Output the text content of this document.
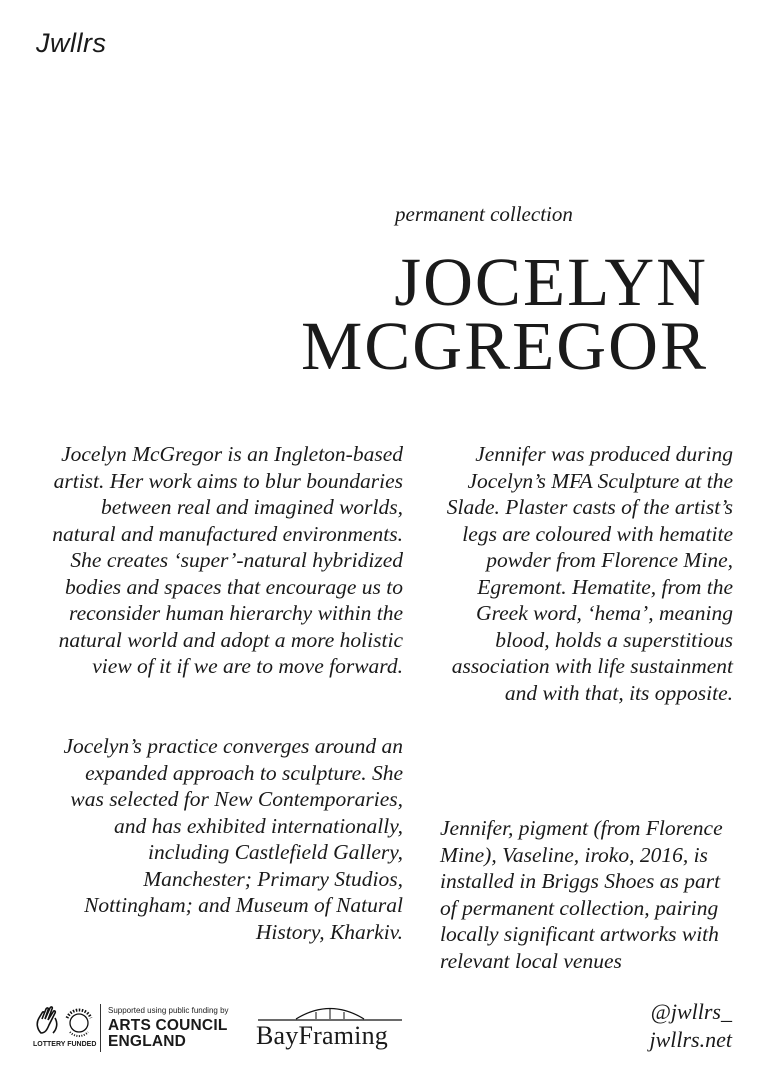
Jwllrs
permanent collection
JOCELYN
MCGREGOR

Jocelyn McGregor is an Ingleton-based artist. Her work aims to blur boundaries between real and imagined worlds, natural and manufactured environments. She creates ‘super’-natural hybridized bodies and spaces that encourage us to reconsider human hierarchy within the natural world and adopt a more holistic view of it if we are to move forward.

Jocelyn’s practice converges around an expanded approach to sculpture. She was selected for New Contemporaries, and has exhibited internationally, including Castlefield Gallery, Manchester; Primary Studios, Nottingham; and Museum of Natural History, Kharkiv.

Jennifer was produced during Jocelyn’s MFA Sculpture at the Slade. Plaster casts of the artist’s legs are coloured with hematite powder from Florence Mine, Egremont. Hematite, from the Greek word, ‘hema’, meaning blood, holds a superstitious association with life sustainment and with that, its opposite.

Jennifer, pigment (from Florence Mine), Vaseline, iroko, 2016, is installed in Briggs Shoes as part of permanent collection, pairing locally significant artworks with relevant local venues

LOTTERY FUNDED
Supported using public funding by
ARTS COUNCIL
ENGLAND	BayFraming
@jwllrs_
jwllrs.net
